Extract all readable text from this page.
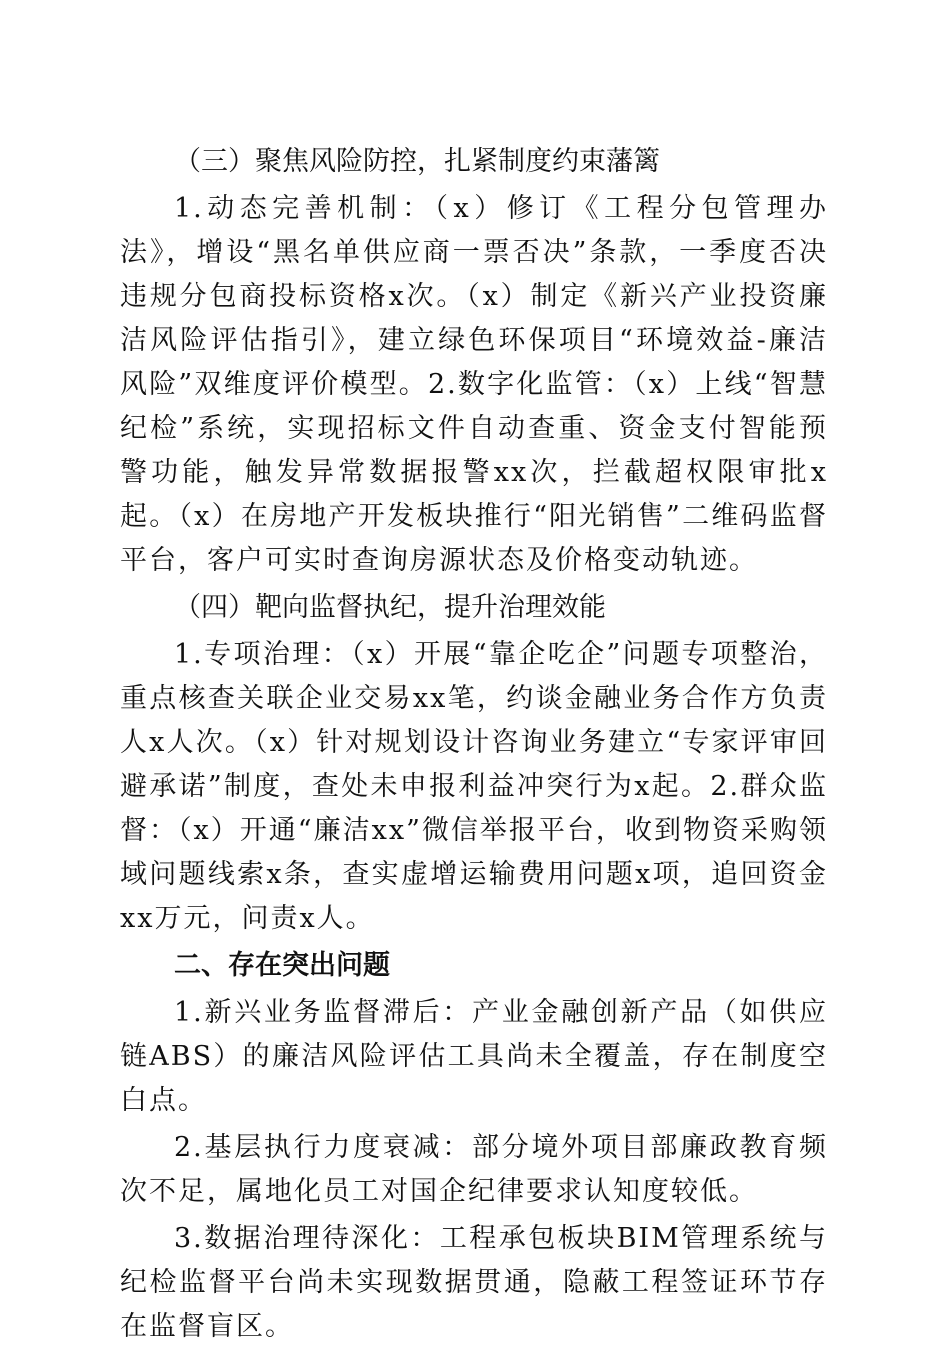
（三）聚焦风险防控，扎紧制度约束藩篱

1.动态完善机制：（x）修订《工程分包管理办法》，增设“黑名单供应商一票否决”条款，一季度否决违规分包商投标资格x次。（x）制定《新兴产业投资廉洁风险评估指引》，建立绿色环保项目“环境效益-廉洁风险”双维度评价模型。2.数字化监管：（x）上线“智慧纪检”系统，实现招标文件自动查重、资金支付智能预警功能，触发异常数据报警xx次，拦截超权限审批x起。（x）在房地产开发板块推行“阳光销售”二维码监督平台，客户可实时查询房源状态及价格变动轨迹。

（四）靶向监督执纪，提升治理效能

1.专项治理：（x）开展“靠企吃企”问题专项整治，重点核查关联企业交易xx笔，约谈金融业务合作方负责人x人次。（x）针对规划设计咨询业务建立“专家评审回避承诺”制度，查处未申报利益冲突行为x起。2.群众监督：（x）开通“廉洁xx”微信举报平台，收到物资采购领域问题线索x条，查实虚增运输费用问题x项，追回资金xx万元，问责x人。

二、存在突出问题

1.新兴业务监督滞后：产业金融创新产品（如供应链ABS）的廉洁风险评估工具尚未全覆盖，存在制度空白点。

2.基层执行力度衰减：部分境外项目部廉政教育频次不足，属地化员工对国企纪律要求认知度较低。

3.数据治理待深化：工程承包板块BIM管理系统与纪检监督平台尚未实现数据贯通，隐蔽工程签证环节存在监督盲区。
